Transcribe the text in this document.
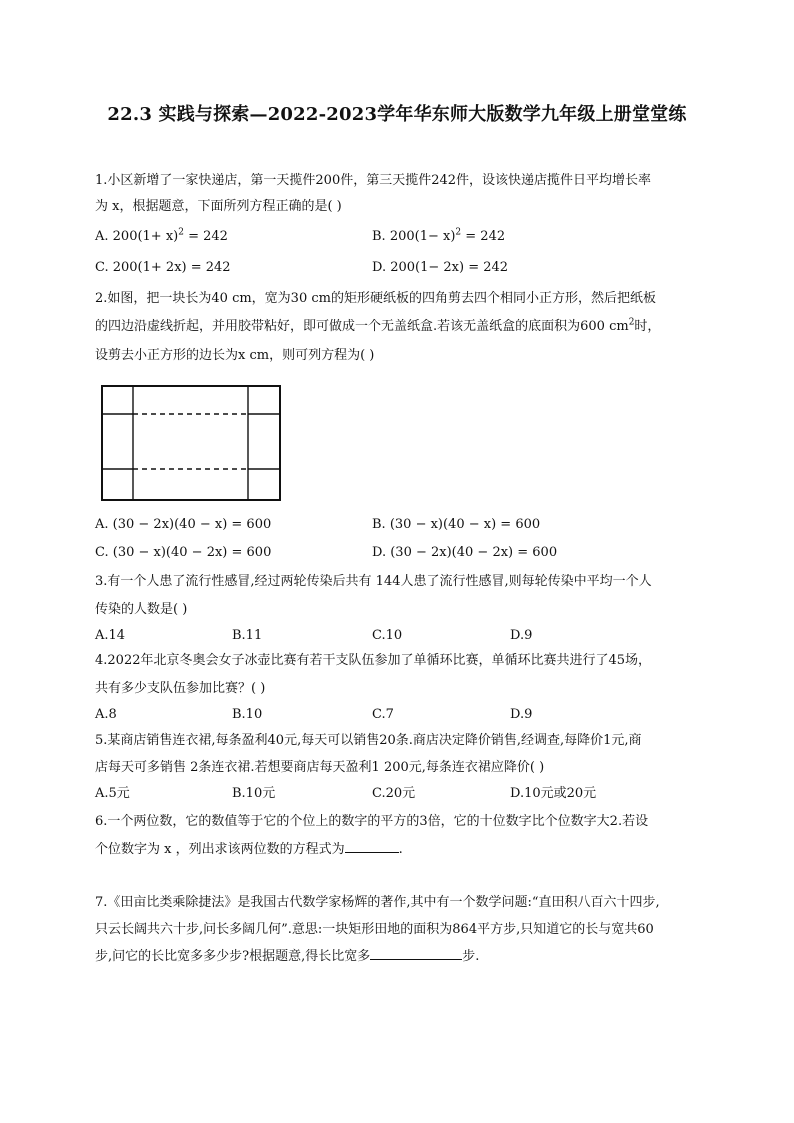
22.3 实践与探索—2022-2023学年华东师大版数学九年级上册堂堂练
1.小区新增了一家快递店，第一天揽件200件，第三天揽件242件，设该快递店揽件日平均增长率
为 x，根据题意，下面所列方程正确的是( )
A. $200(1+ x)^2 = 242$	B. $200(1- x)^2 = 242$
C. 200(1+ 2x) = 242	D. 200(1− 2x) = 242
2.如图，把一块长为40 cm，宽为30 cm的矩形硬纸板的四角剪去四个相同小正方形，然后把纸板
的四边沿虚线折起，并用胶带粘好，即可做成一个无盖纸盒.若该无盖纸盒的底面积为600 $cm^2$时，
设剪去小正方形的边长为x cm，则可列方程为( )
A. (30 − 2x)(40 − x) = 600	B. (30 − x)(40 − x) = 600
C. (30 − x)(40 − 2x) = 600	D. (30 − 2x)(40 − 2x) = 600
3.有一个人患了流行性感冒,经过两轮传染后共有 144人患了流行性感冒,则每轮传染中平均一个人
传染的人数是( )
A.14	B.11	C.10	D.9
4.2022年北京冬奥会女子冰壶比赛有若干支队伍参加了单循环比赛，单循环比赛共进行了45场，
共有多少支队伍参加比赛？( )
A.8	B.10	C.7	D.9
5.某商店销售连衣裙,每条盈利40元,每天可以销售20条.商店决定降价销售,经调查,每降价1元,商
店每天可多销售 2条连衣裙.若想要商店每天盈利1 200元,每条连衣裙应降价( )
A.5元	B.10元	C.20元	D.10元或20元
6.一个两位数，它的数值等于它的个位上的数字的平方的3倍，它的十位数字比个位数字大2.若设
个位数字为 x ，列出求该两位数的方程式为	.
7.《田亩比类乘除捷法》是我国古代数学家杨辉的著作,其中有一个数学问题:“直田积八百六十四步,
只云长阔共六十步,问长多阔几何”.意思:一块矩形田地的面积为864平方步,只知道它的长与宽共60
步,问它的长比宽多多少步?根据题意,得长比宽多	步.
